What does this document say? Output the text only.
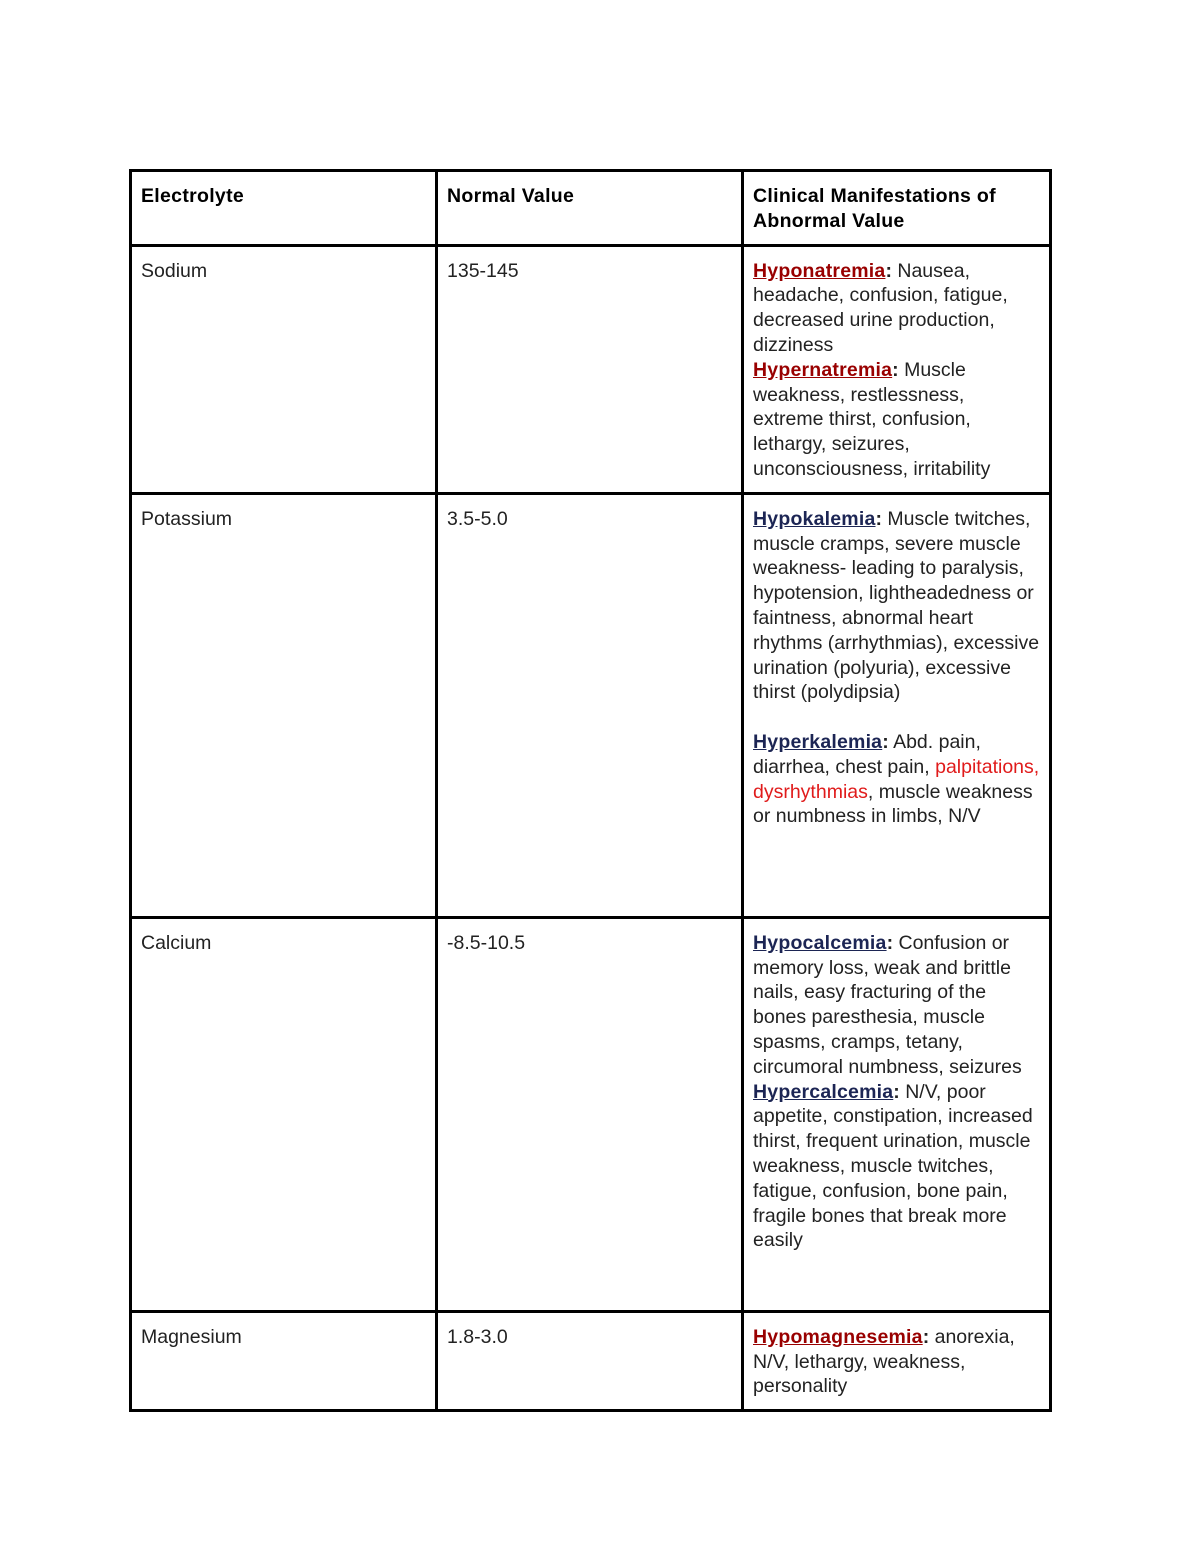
Electrolyte	Normal Value	Clinical Manifestations of Abnormal Value
Sodium	135-145	Hyponatremia: Nausea, headache, confusion, fatigue, decreased urine production, dizziness
Hypernatremia: Muscle weakness, restlessness, extreme thirst, confusion, lethargy, seizures, unconsciousness, irritability

Potassium	3.5-5.0	Hypokalemia: Muscle twitches, muscle cramps, severe muscle weakness- leading to paralysis, hypotension, lightheadedness or faintness, abnormal heart rhythms (arrhythmias), excessive urination (polyuria), excessive thirst (polydipsia)
Hyperkalemia: Abd. pain, diarrhea, chest pain, palpitations, dysrhythmias, muscle weakness or numbness in limbs, N/V

Calcium	-8.5-10.5	Hypocalcemia: Confusion or memory loss, weak and brittle nails, easy fracturing of the bones paresthesia, muscle spasms, cramps, tetany, circumoral numbness, seizures
Hypercalcemia: N/V, poor appetite, constipation, increased thirst, frequent urination, muscle weakness, muscle twitches, fatigue, confusion, bone pain, fragile bones that break more easily

Magnesium	1.8-3.0	Hypomagnesemia: anorexia, N/V, lethargy, weakness, personality
